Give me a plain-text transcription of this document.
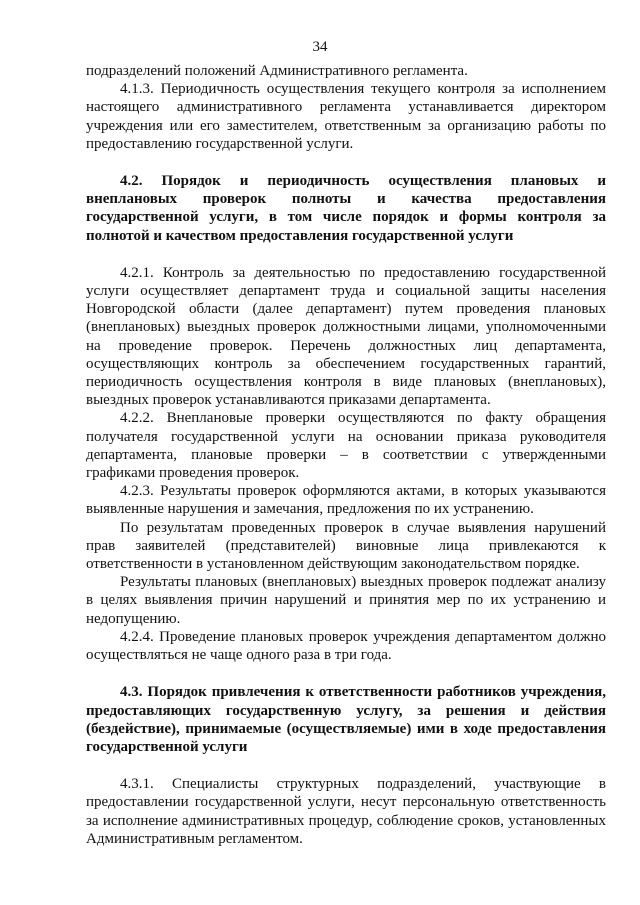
34

подразделений положений Административного регламента.

4.1.3. Периодичность осуществления текущего контроля за исполнением настоящего административного регламента устанавливается директором учреждения или его заместителем, ответственным за организацию работы по предоставлению государственной услуги.

4.2. Порядок и периодичность осуществления плановых и внеплановых проверок полноты и качества предоставления государственной услуги, в том числе порядок и формы контроля за полнотой и качеством предоставления государственной услуги

4.2.1. Контроль за деятельностью по предоставлению государственной услуги осуществляет департамент труда и социальной защиты населения Новгородской области (далее департамент) путем проведения плановых (внеплановых) выездных проверок должностными лицами, уполномоченными на проведение проверок. Перечень должностных лиц департамента, осуществляющих контроль за обеспечением государственных гарантий, периодичность осуществления контроля в виде плановых (внеплановых), выездных проверок устанавливаются приказами департамента.

4.2.2. Внеплановые проверки осуществляются по факту обращения получателя государственной услуги на основании приказа руководителя департамента, плановые проверки – в соответствии с утвержденными графиками проведения проверок.

4.2.3. Результаты проверок оформляются актами, в которых указываются выявленные нарушения и замечания, предложения по их устранению.

По результатам проведенных проверок в случае выявления нарушений прав заявителей (представителей) виновные лица привлекаются к ответственности в установленном действующим законодательством порядке.

Результаты плановых (внеплановых) выездных проверок подлежат анализу в целях выявления причин нарушений и принятия мер по их устранению и недопущению.

4.2.4. Проведение плановых проверок учреждения департаментом должно осуществляться не чаще одного раза в три года.

4.3. Порядок привлечения к ответственности работников учреждения, предоставляющих государственную услугу, за решения и действия (бездействие), принимаемые (осуществляемые) ими в ходе предоставления государственной услуги

4.3.1. Специалисты структурных подразделений, участвующие в предоставлении государственной услуги, несут персональную ответственность за исполнение административных процедур, соблюдение сроков, установленных Административным регламентом.
